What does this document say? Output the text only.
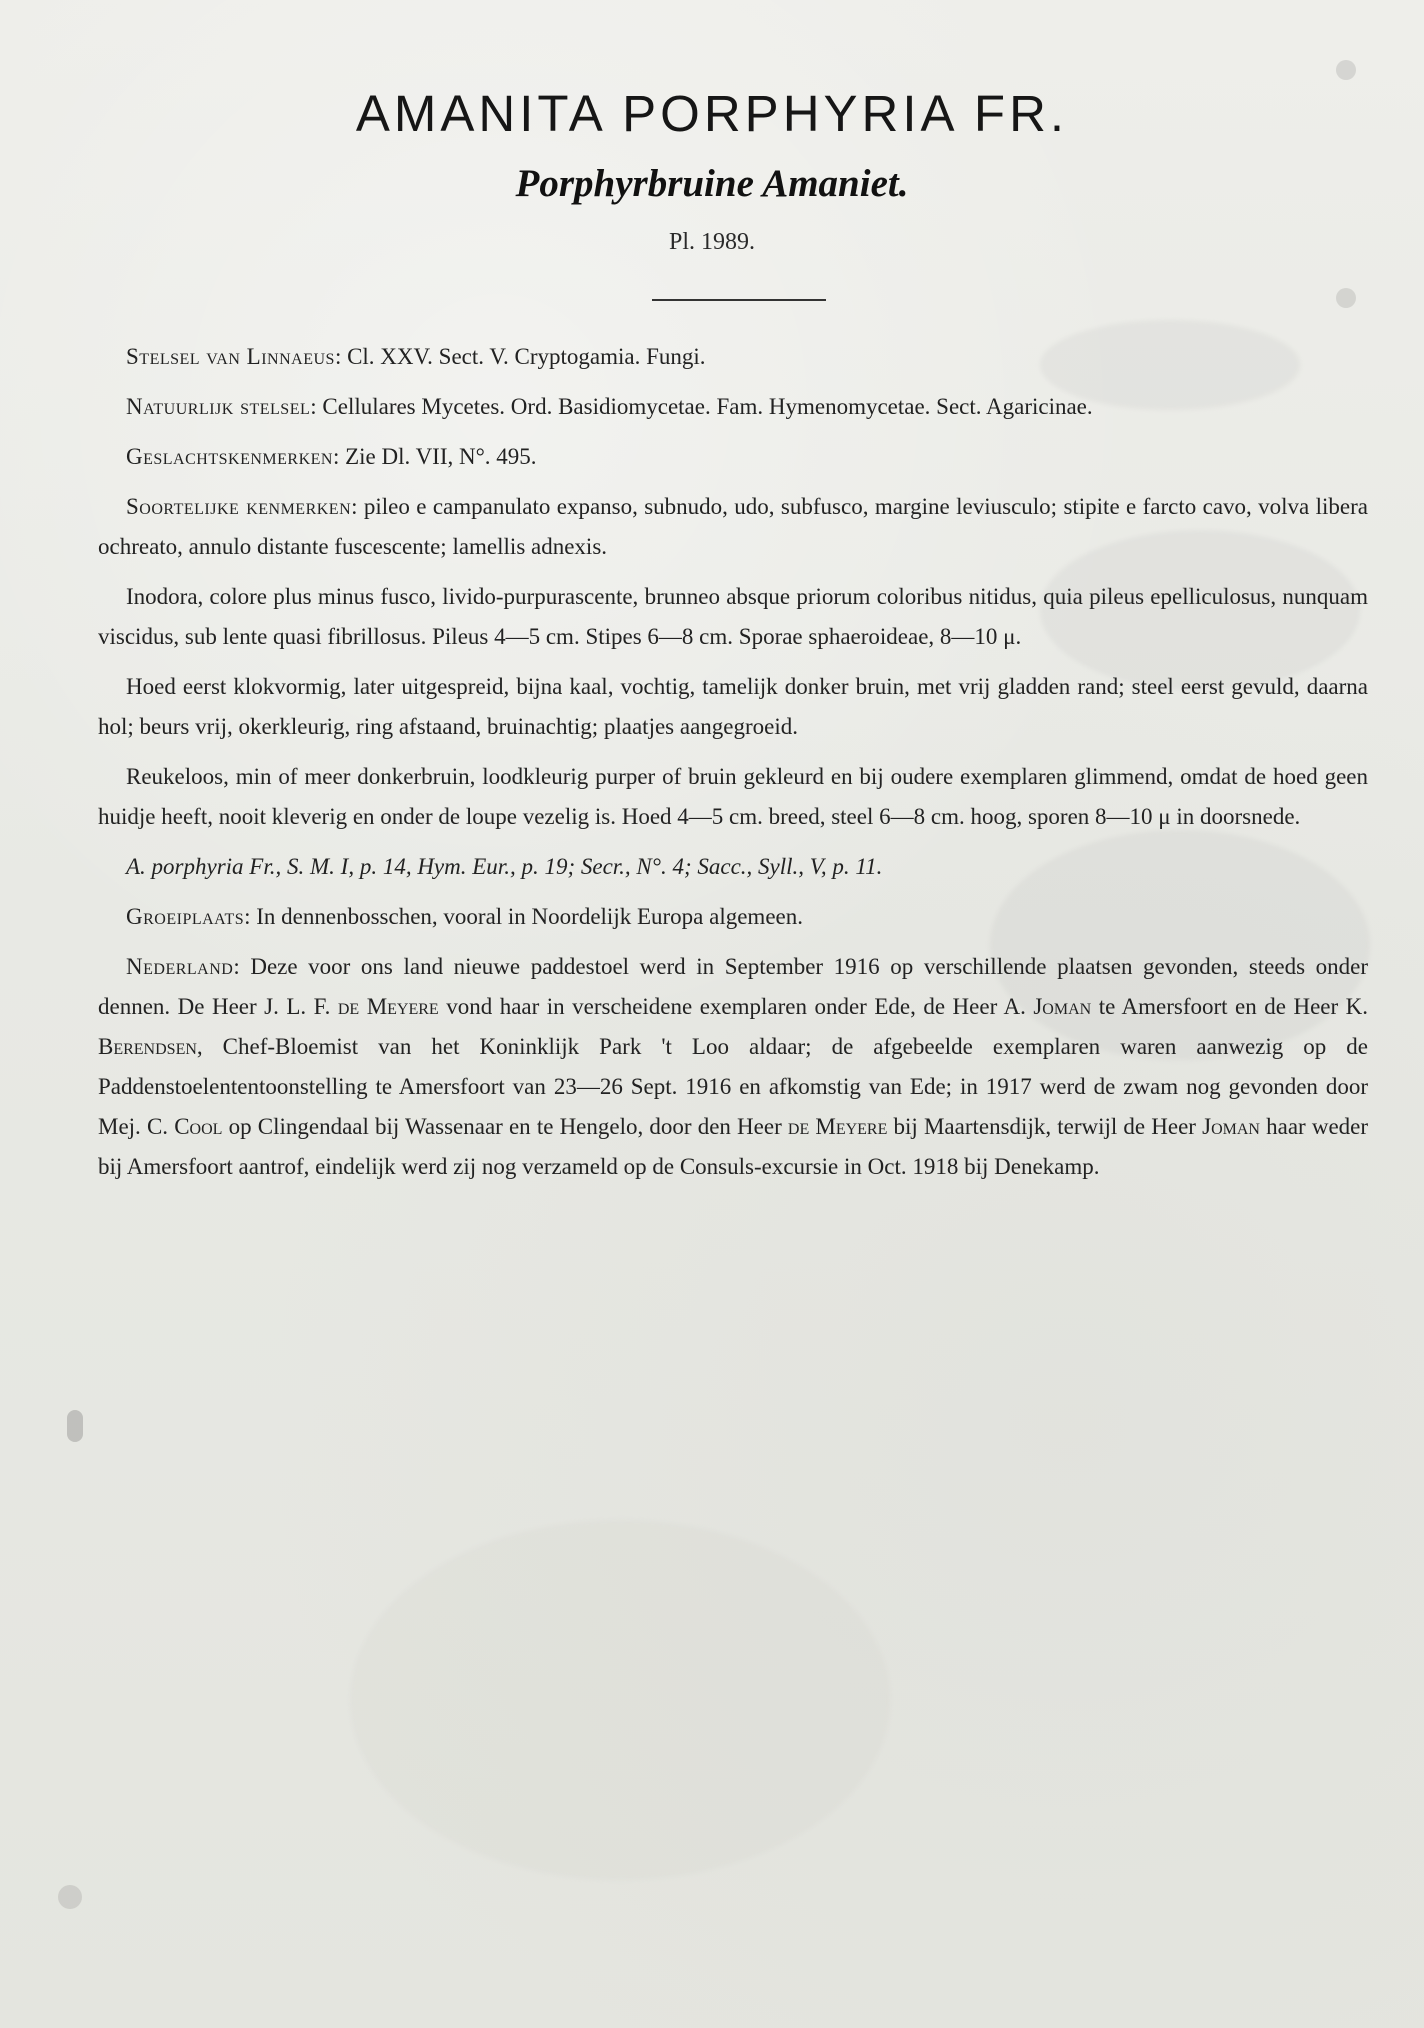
AMANITA PORPHYRIA FR.
Porphyrbruine Amaniet.
Pl. 1989.

Stelsel van Linnaeus: Cl. XXV. Sect. V. Cryptogamia. Fungi.

Natuurlijk stelsel: Cellulares Mycetes. Ord. Basidiomycetae. Fam. Hymenomycetae. Sect. Agaricinae.

Geslachtskenmerken: Zie Dl. VII, N°. 495.

Soortelijke kenmerken: pileo e campanulato expanso, subnudo, udo, subfusco, margine leviusculo; stipite e farcto cavo, volva libera ochreato, annulo distante fuscescente; lamellis adnexis.

Inodora, colore plus minus fusco, livido-purpurascente, brunneo absque priorum coloribus nitidus, quia pileus epelliculosus, nunquam viscidus, sub lente quasi fibrillosus. Pileus 4—5 cm. Stipes 6—8 cm. Sporae sphaeroideae, 8—10 μ.

Hoed eerst klokvormig, later uitgespreid, bijna kaal, vochtig, tamelijk donker bruin, met vrij gladden rand; steel eerst gevuld, daarna hol; beurs vrij, okerkleurig, ring afstaand, bruinachtig; plaatjes aangegroeid.

Reukeloos, min of meer donkerbruin, loodkleurig purper of bruin gekleurd en bij oudere exemplaren glimmend, omdat de hoed geen huidje heeft, nooit kleverig en onder de loupe vezelig is. Hoed 4—5 cm. breed, steel 6—8 cm. hoog, sporen 8—10 μ in doorsnede.

A. porphyria Fr., S. M. I, p. 14, Hym. Eur., p. 19; Secr., N°. 4; Sacc., Syll., V, p. 11.

Groeiplaats: In dennenbosschen, vooral in Noordelijk Europa algemeen.

Nederland: Deze voor ons land nieuwe paddestoel werd in September 1916 op verschillende plaatsen gevonden, steeds onder dennen. De Heer J. L. F. de Meyere vond haar in verscheidene exemplaren onder Ede, de Heer A. Joman te Amersfoort en de Heer K. Berendsen, Chef-Bloemist van het Koninklijk Park 't Loo aldaar; de afgebeelde exemplaren waren aanwezig op de Paddenstoelententoonstelling te Amersfoort van 23—26 Sept. 1916 en afkomstig van Ede; in 1917 werd de zwam nog gevonden door Mej. C. Cool op Clingendaal bij Wassenaar en te Hengelo, door den Heer de Meyere bij Maartensdijk, terwijl de Heer Joman haar weder bij Amersfoort aantrof, eindelijk werd zij nog verzameld op de Consuls-excursie in Oct. 1918 bij Denekamp.
